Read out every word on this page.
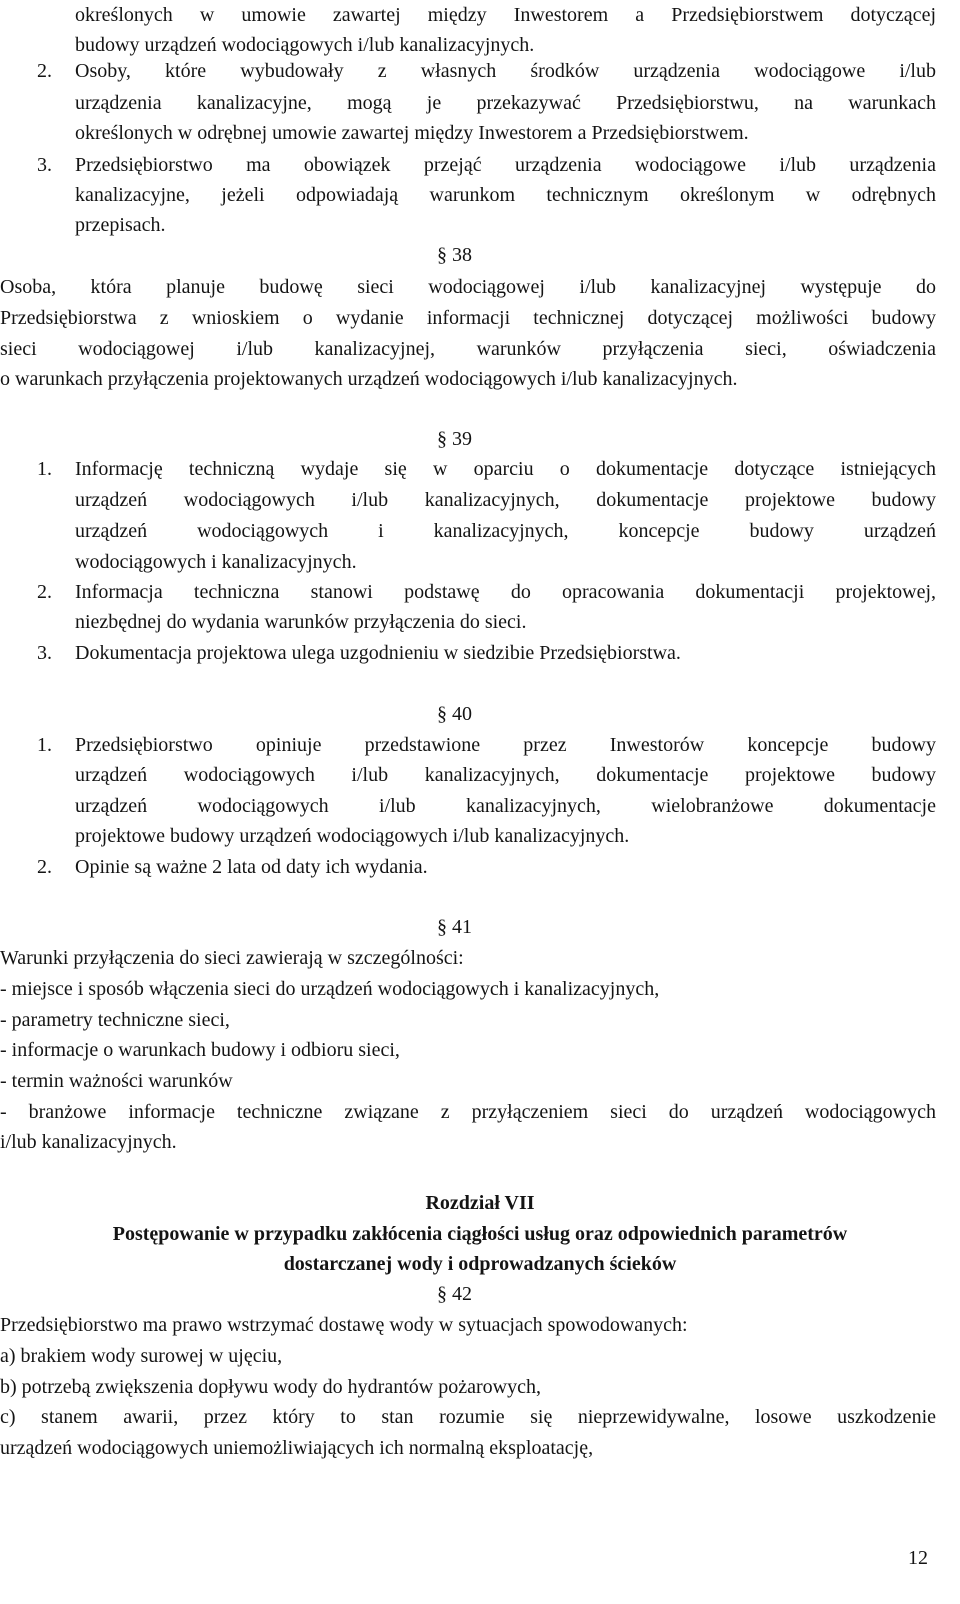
określonych w umowie zawartej między Inwestorem a Przedsiębiorstwem dotyczącej

budowy urządzeń wodociągowych i/lub kanalizacyjnych.

2. Osoby, które wybudowały z własnych środków urządzenia wodociągowe i/lub

urządzenia kanalizacyjne, mogą je przekazywać Przedsiębiorstwu, na warunkach

określonych w odrębnej umowie zawartej między Inwestorem a Przedsiębiorstwem.

3. Przedsiębiorstwo ma obowiązek przejąć urządzenia wodociągowe i/lub urządzenia

kanalizacyjne, jeżeli odpowiadają warunkom technicznym określonym w odrębnych

przepisach.

§ 38

Osoba, która planuje budowę sieci wodociągowej i/lub kanalizacyjnej występuje do

Przedsiębiorstwa z wnioskiem o wydanie informacji technicznej dotyczącej możliwości budowy

sieci wodociągowej i/lub kanalizacyjnej, warunków przyłączenia sieci, oświadczenia

o warunkach przyłączenia projektowanych urządzeń wodociągowych i/lub kanalizacyjnych.

§ 39
1. Informację techniczną wydaje się w oparciu o dokumentacje dotyczące istniejących

urządzeń wodociągowych i/lub kanalizacyjnych, dokumentacje projektowe budowy

urządzeń wodociągowych i kanalizacyjnych, koncepcje budowy urządzeń

wodociągowych i kanalizacyjnych.

2. Informacja techniczna stanowi podstawę do opracowania dokumentacji projektowej,

niezbędnej do wydania warunków przyłączenia do sieci.

3. Dokumentacja projektowa ulega uzgodnieniu w siedzibie Przedsiębiorstwa.

§ 40
1. Przedsiębiorstwo opiniuje przedstawione przez Inwestorów koncepcje budowy

urządzeń wodociągowych i/lub kanalizacyjnych, dokumentacje projektowe budowy

urządzeń wodociągowych i/lub kanalizacyjnych, wielobranżowe dokumentacje

projektowe budowy urządzeń wodociągowych i/lub kanalizacyjnych.

2. Opinie są ważne 2 lata od daty ich wydania.

§ 41

Warunki przyłączenia do sieci zawierają w szczególności:

- miejsce i sposób włączenia sieci do urządzeń wodociągowych i kanalizacyjnych,

- parametry techniczne sieci,

- informacje o warunkach budowy i odbioru sieci,

- termin ważności warunków

- branżowe informacje techniczne związane z przyłączeniem sieci do urządzeń wodociągowych

i/lub kanalizacyjnych.

Rozdział VII
Postępowanie w przypadku zakłócenia ciągłości usług oraz odpowiednich parametrów
dostarczanej wody i odprowadzanych ścieków
§ 42

Przedsiębiorstwo ma prawo wstrzymać dostawę wody w sytuacjach spowodowanych:

a) brakiem wody surowej w ujęciu,

b) potrzebą zwiększenia dopływu wody do hydrantów pożarowych,

c) stanem awarii, przez który to stan rozumie się nieprzewidywalne, losowe uszkodzenie

urządzeń wodociągowych uniemożliwiających ich normalną eksploatację,

12
